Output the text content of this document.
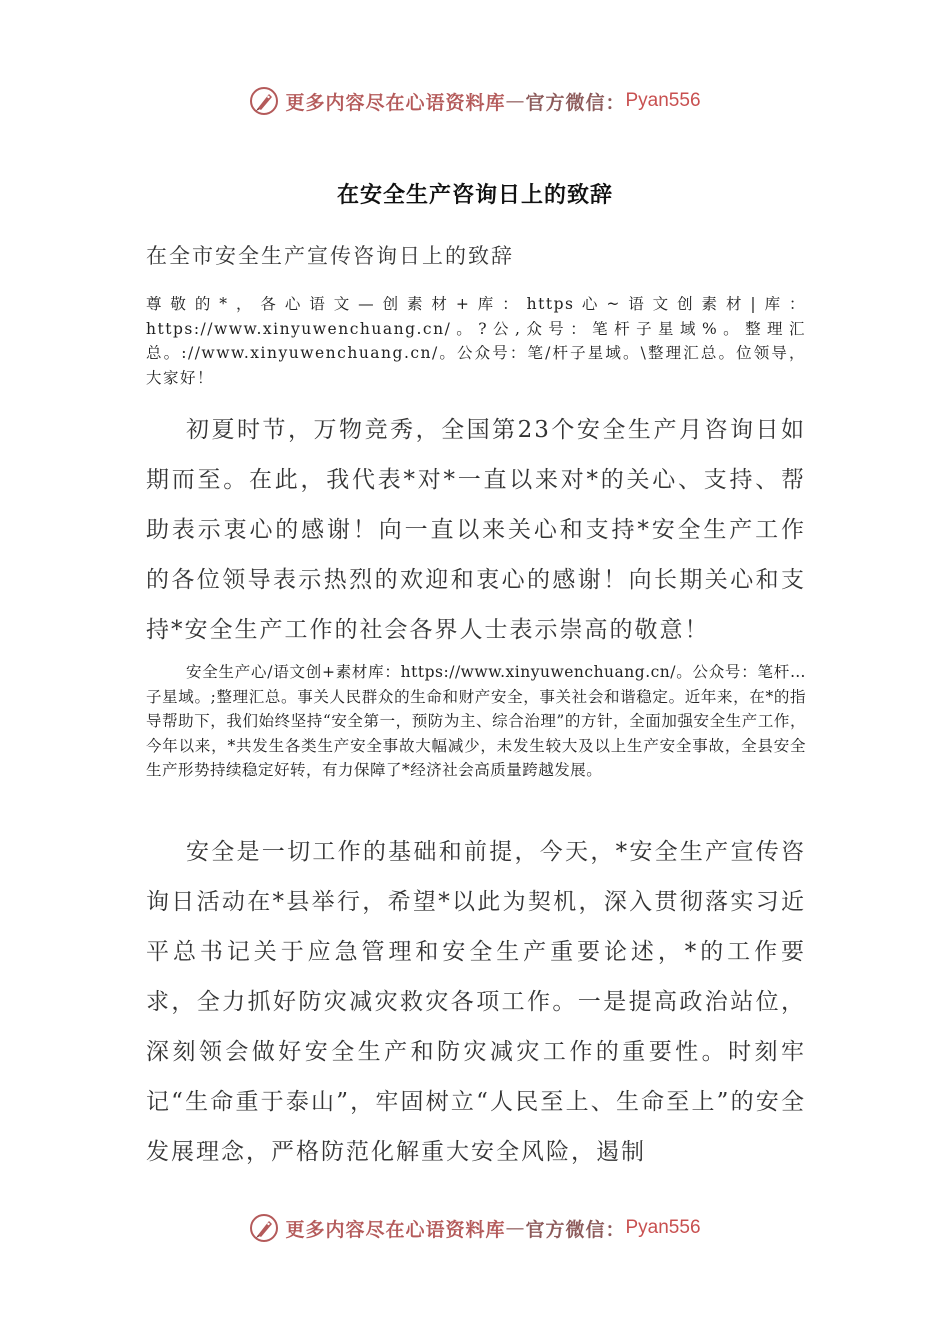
更多内容尽在心语资料库 — 官方微信： Pyan556
在安全生产咨询日上的致辞
在全市安全生产宣传咨询日上的致辞
尊敬的*，各心语文—创素材+库：https心~语文创素材|库：https://www.xinyuwenchuang.cn/。?公,众号：笔杆子星域%。整理汇总。://www.xinyuwenchuang.cn/。公众号：笔/杆子星域。\整理汇总。位领导，大家好！
初夏时节，万物竞秀，全国第23个安全生产月咨询日如期而至。在此，我代表*对*一直以来对*的关心、支持、帮助表示衷心的感谢！向一直以来关心和支持*安全生产工作的各位领导表示热烈的欢迎和衷心的感谢！向长期关心和支持*安全生产工作的社会各界人士表示崇高的敬意！
安全生产心/语文创+素材库：https://www.xinyuwenchuang.cn/。公众号：笔杆…子星域。;整理汇总。事关人民群众的生命和财产安全，事关社会和谐稳定。近年来，在*的指导帮助下，我们始终坚持“安全第一，预防为主、综合治理”的方针，全面加强安全生产工作，今年以来，*共发生各类生产安全事故大幅减少，未发生较大及以上生产安全事故，全县安全生产形势持续稳定好转，有力保障了*经济社会高质量跨越发展。
安全是一切工作的基础和前提，今天，*安全生产宣传咨询日活动在*县举行，希望*以此为契机，深入贯彻落实习近平总书记关于应急管理和安全生产重要论述，*的工作要求，全力抓好防灾减灾救灾各项工作。一是提高政治站位，深刻领会做好安全生产和防灾减灾工作的重要性。时刻牢记“生命重于泰山”，牢固树立“人民至上、生命至上”的安全发展理念，严格防范化解重大安全风险，遏制
更多内容尽在心语资料库 — 官方微信： Pyan556
